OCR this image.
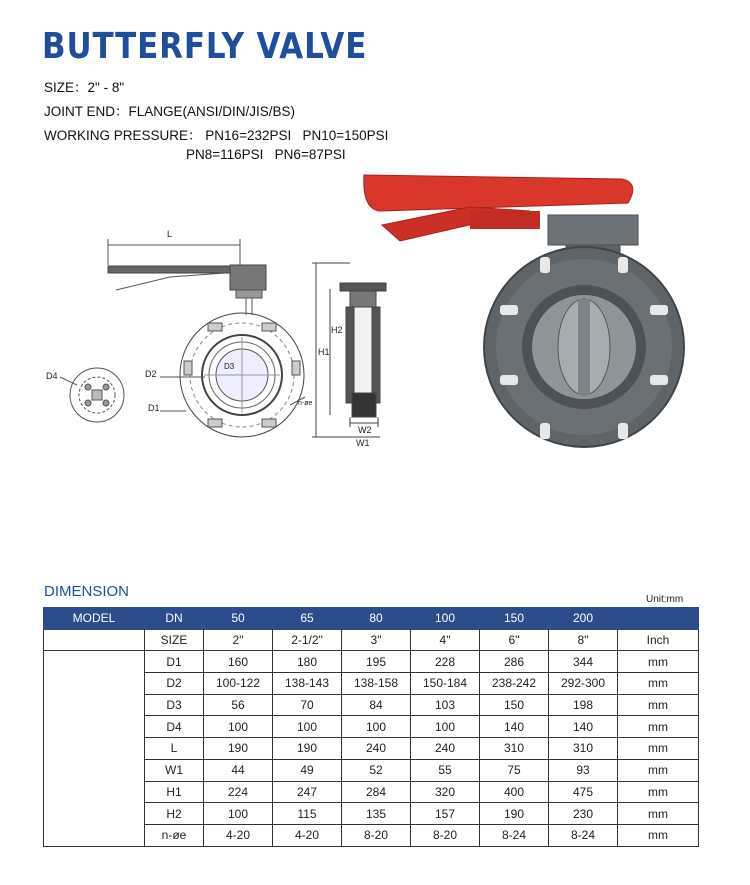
BUTTERFLY VALVE
SIZE：2" - 8"
JOINT END：FLANGE(ANSI/DIN/JIS/BS)
WORKING PRESSURE： PN16=232PSI   PN10=150PSI
PN8=116PSI   PN6=87PSI
L
D2
D1
D3
n-øe
D4
H2
H1
W2
W1
DIMENSION	Unit:mm
MODEL	DN	50	65	80	100	150	200	
	SIZE	2"	2-1/2"	3"	4"	6"	8"	Inch
	D1	160	180	195	228	286	344	mm
	D2	100-122	138-143	138-158	150-184	238-242	292-300	mm
	D3	56	70	84	103	150	198	mm
	D4	100	100	100	100	140	140	mm
	L	190	190	240	240	310	310	mm
	W1	44	49	52	55	75	93	mm
	H1	224	247	284	320	400	475	mm
	H2	100	115	135	157	190	230	mm
	n-øe	4-20	4-20	8-20	8-20	8-24	8-24	mm
